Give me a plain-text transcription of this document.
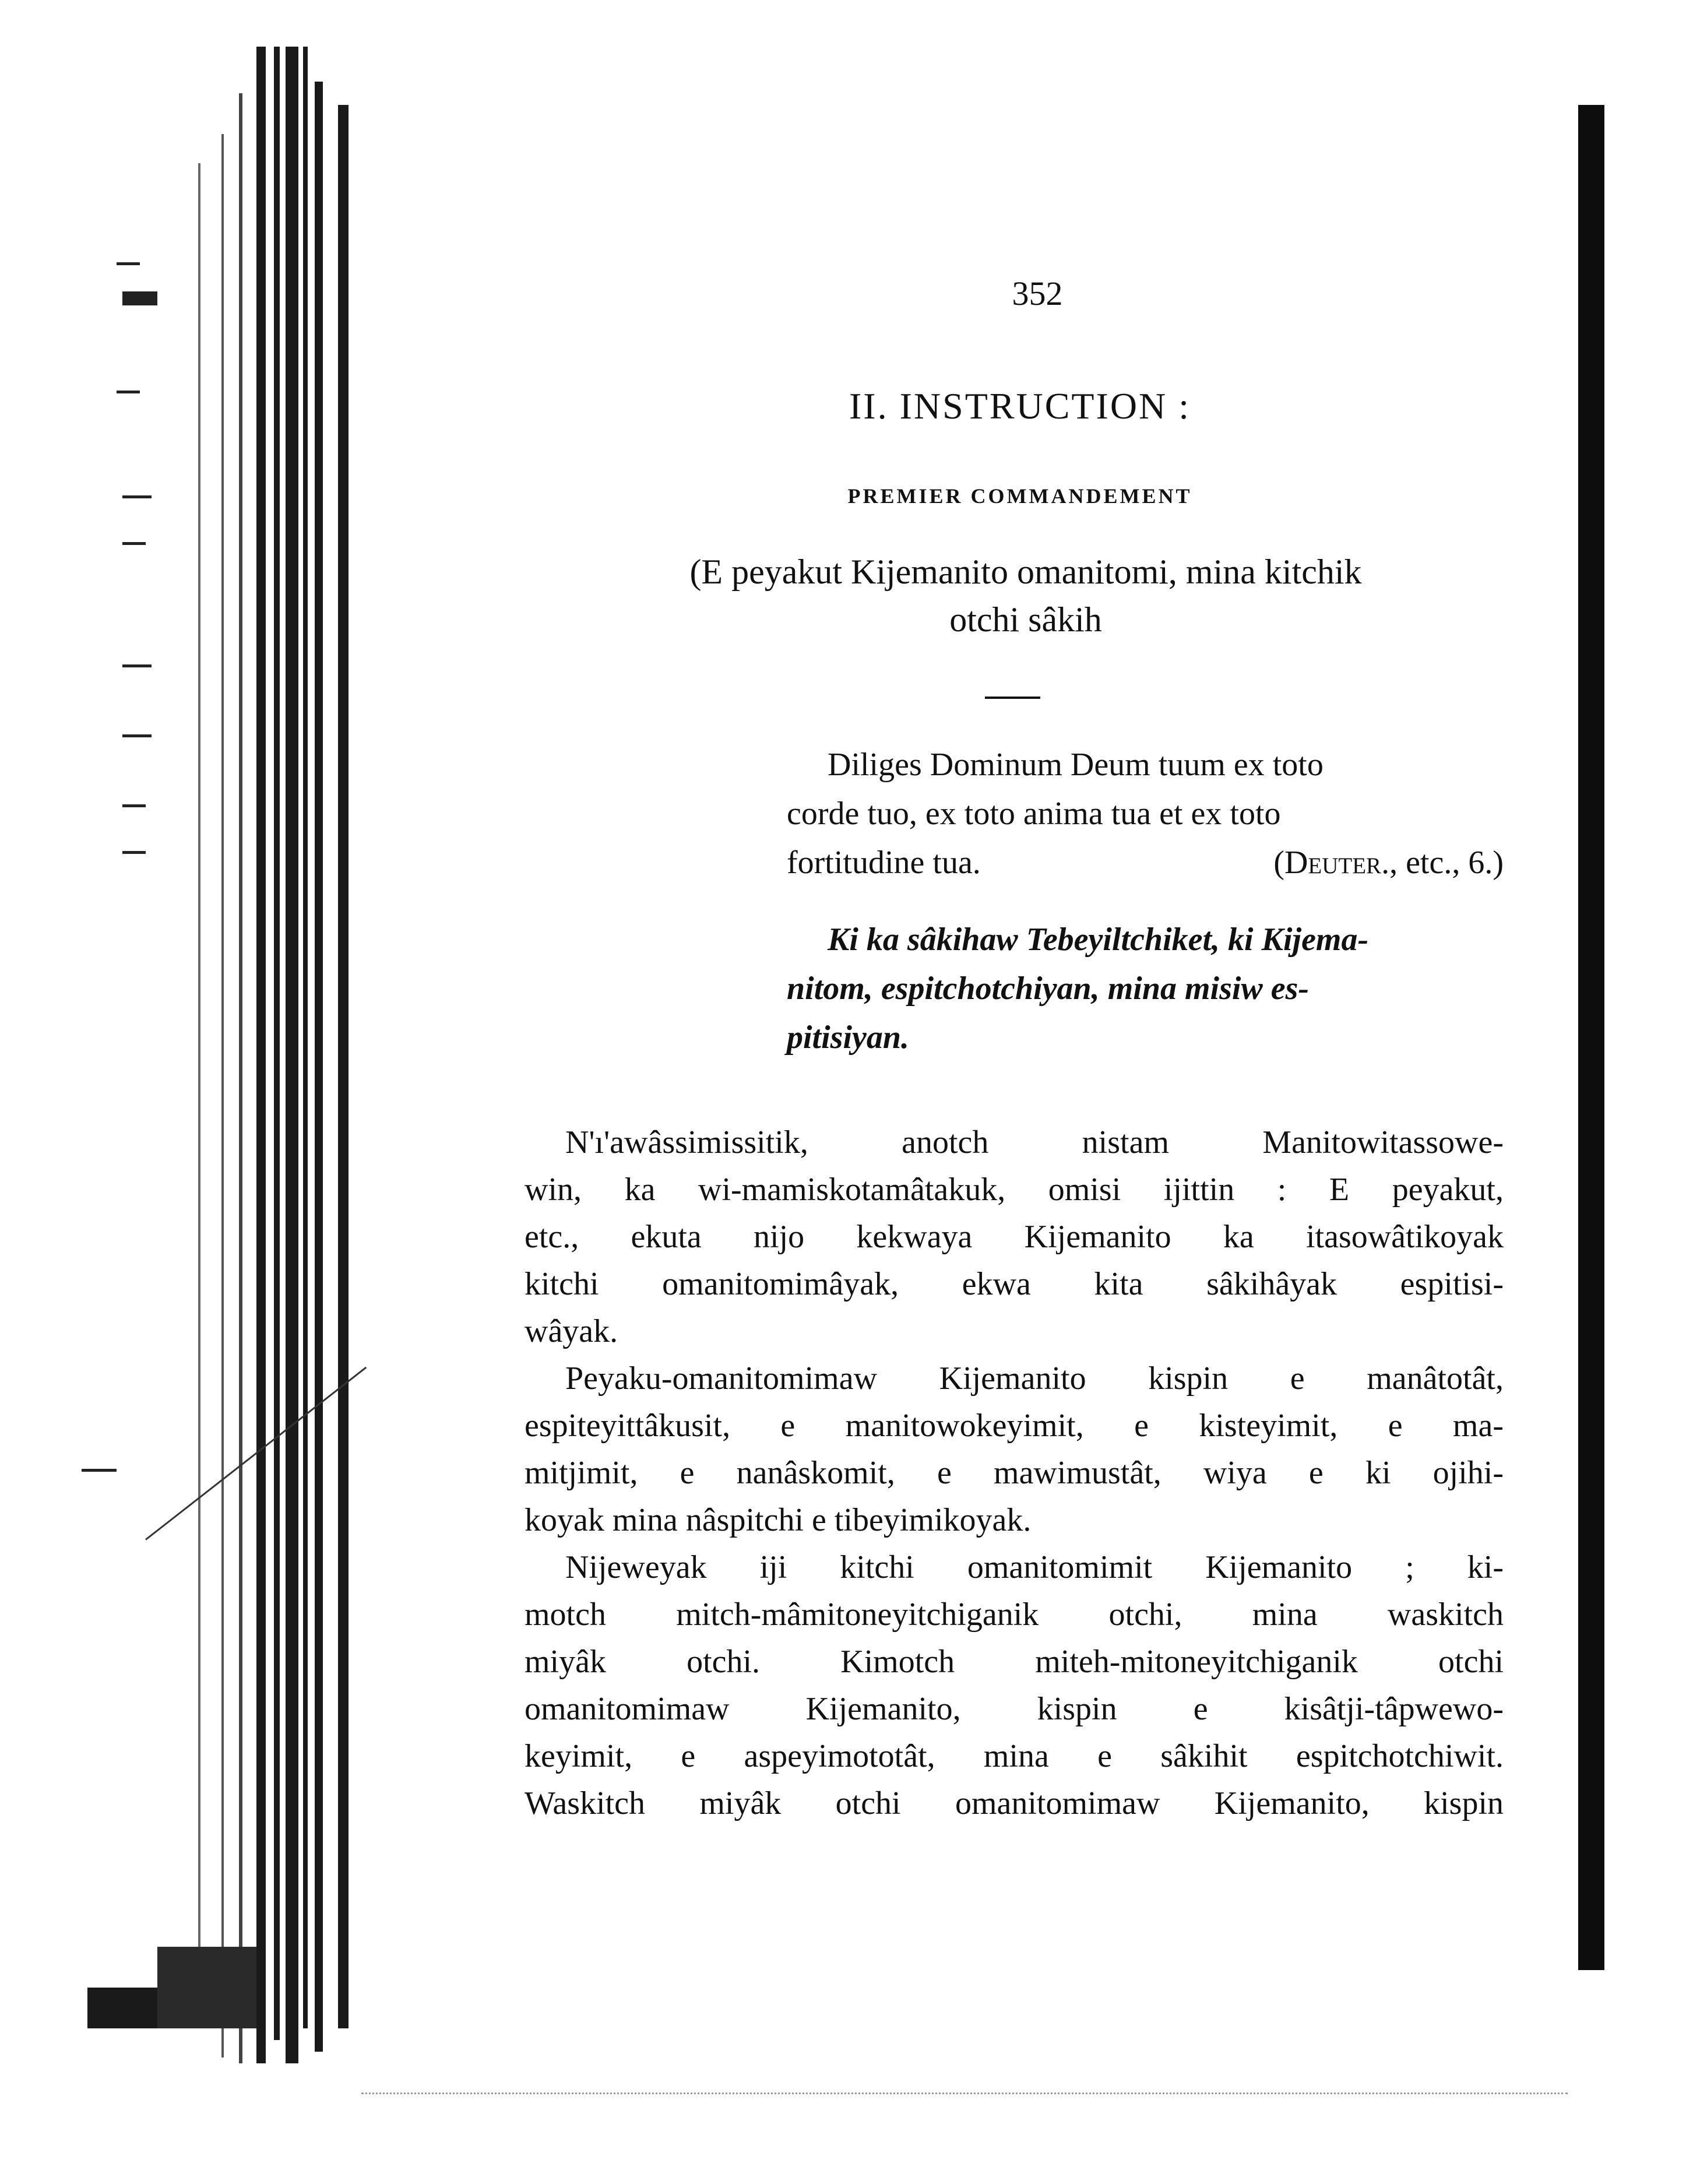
352
II. INSTRUCTION :
PREMIER COMMANDEMENT
(E peyakut Kijemanito omanitomi, mina kitchik
otchi sâkih
Diliges Dominum Deum tuum ex toto
corde tuo, ex toto anima tua et ex toto
fortitudine tua.	(Deuter., etc., 6.)
Ki ka sâkihaw Tebeyiltchiket, ki Kijema-
nitom, espitchotchiyan, mina misiw es-
pitisiyan.
N'ı'awâssimissitik, anotch nistam Manitowitassowe-
win, ka wi-mamiskotamâtakuk, omisi ijittin : E peyakut,
etc., ekuta nijo kekwaya Kijemanito ka itasowâtikoyak
kitchi omanitomimâyak, ekwa kita sâkihâyak espitisi-
wâyak.
Peyaku-omanitomimaw Kijemanito kispin e manâtotât,
espiteyittâkusit, e manitowokeyimit, e kisteyimit, e ma-
mitjimit, e nanâskomit, e mawimustât, wiya e ki ojihi-
koyak mina nâspitchi e tibeyimikoyak.
Nijeweyak iji kitchi omanitomimit Kijemanito ; ki-
motch mitch-mâmitoneyitchiganik otchi, mina waskitch
miyâk otchi. Kimotch miteh-mitoneyitchiganik otchi
omanitomimaw Kijemanito, kispin e kisâtji-tâpwewo-
keyimit, e aspeyimototât, mina e sâkihit espitchotchiwit.
Waskitch miyâk otchi omanitomimaw Kijemanito, kispin
